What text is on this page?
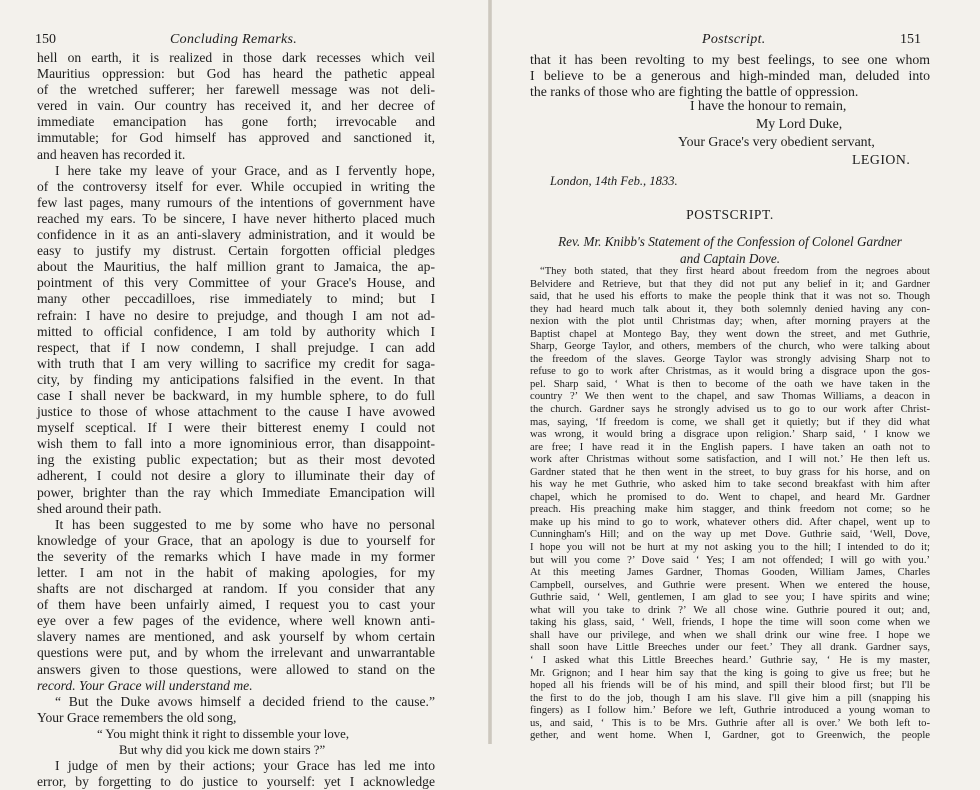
150	Concluding Remarks.
hell on earth, it is realized in those dark recesses which veil
Mauritius oppression: but God has heard the pathetic appeal
of the wretched sufferer; her farewell message was not deli-
vered in vain. Our country has received it, and her decree of
immediate emancipation has gone forth; irrevocable and
immutable; for God himself has approved and sanctioned it,
and heaven has recorded it.
I here take my leave of your Grace, and as I fervently hope,
of the controversy itself for ever. While occupied in writing the
few last pages, many rumours of the intentions of government have
reached my ears. To be sincere, I have never hitherto placed much
confidence in it as an anti-slavery administration, and it would be
easy to justify my distrust. Certain forgotten official pledges
about the Mauritius, the half million grant to Jamaica, the ap-
pointment of this very Committee of your Grace's House, and
many other peccadilloes, rise immediately to mind; but I
refrain: I have no desire to prejudge, and though I am not ad-
mitted to official confidence, I am told by authority which I
respect, that if I now condemn, I shall prejudge. I can add
with truth that I am very willing to sacrifice my credit for saga-
city, by finding my anticipations falsified in the event. In that
case I shall never be backward, in my humble sphere, to do full
justice to those of whose attachment to the cause I have avowed
myself sceptical. If I were their bitterest enemy I could not
wish them to fall into a more ignominious error, than disappoint-
ing the existing public expectation; but as their most devoted
adherent, I could not desire a glory to illuminate their day of
power, brighter than the ray which Immediate Emancipation will
shed around their path.
It has been suggested to me by some who have no personal
knowledge of your Grace, that an apology is due to yourself for
the severity of the remarks which I have made in my former
letter. I am not in the habit of making apologies, for my
shafts are not discharged at random. If you consider that any
of them have been unfairly aimed, I request you to cast your
eye over a few pages of the evidence, where well known anti-
slavery names are mentioned, and ask yourself by whom certain
questions were put, and by whom the irrelevant and unwarrantable
answers given to those questions, were allowed to stand on the
record. Your Grace will understand me.
“ But the Duke avows himself a decided friend to the cause.”
Your Grace remembers the old song,
“ You might think it right to dissemble your love,
But why did you kick me down stairs ?”
I judge of men by their actions; your Grace has led me into
error, by forgetting to do justice to yourself: yet I acknowledge
Postscript.	151
that it has been revolting to my best feelings, to see one whom
I believe to be a generous and high-minded man, deluded into
the ranks of those who are fighting the battle of oppression.
I have the honour to remain,
My Lord Duke,
Your Grace's very obedient servant,
LEGION.
London, 14th Feb., 1833.
POSTSCRIPT.
Rev. Mr. Knibb's Statement of the Confession of Colonel Gardner
and Captain Dove.
“They both stated, that they first heard about freedom from the negroes about
Belvidere and Retrieve, but that they did not put any belief in it; and Gardner
said, that he used his efforts to make the people think that it was not so. Though
they had heard much talk about it, they both solemnly denied having any con-
nexion with the plot until Christmas day; when, after morning prayers at the
Baptist chapel at Montego Bay, they went down the street, and met Guthrie,
Sharp, George Taylor, and others, members of the church, who were talking about
the freedom of the slaves. George Taylor was strongly advising Sharp not to
refuse to go to work after Christmas, as it would bring a disgrace upon the gos-
pel. Sharp said, ‘ What is then to become of the oath we have taken in the
country ?’ We then went to the chapel, and saw Thomas Williams, a deacon in
the church. Gardner says he strongly advised us to go to our work after Christ-
mas, saying, ‘If freedom is come, we shall get it quietly; but if they did what
was wrong, it would bring a disgrace upon religion.’ Sharp said, ‘ I know we
are free; I have read it in the English papers. I have taken an oath not to
work after Christmas without some satisfaction, and I will not.’ He then left us.
Gardner stated that he then went in the street, to buy grass for his horse, and on
his way he met Guthrie, who asked him to take second breakfast with him after
chapel, which he promised to do. Went to chapel, and heard Mr. Gardner
preach. His preaching make him stagger, and think freedom not come; so he
make up his mind to go to work, whatever others did. After chapel, went up to
Cunningham's Hill; and on the way up met Dove. Guthrie said, ‘Well, Dove,
I hope you will not be hurt at my not asking you to the hill; I intended to do it;
but will you come ?’ Dove said ‘ Yes; I am not offended; I will go with you.’
At this meeting James Gardner, Thomas Gooden, William James, Charles
Campbell, ourselves, and Guthrie were present. When we entered the house,
Guthrie said, ‘ Well, gentlemen, I am glad to see you; I have spirits and wine;
what will you take to drink ?’ We all chose wine. Guthrie poured it out; and,
taking his glass, said, ‘ Well, friends, I hope the time will soon come when we
shall have our privilege, and when we shall drink our wine free. I hope we
shall soon have Little Breeches under our feet.’ They all drank. Gardner says,
‘ I asked what this Little Breeches heard.’ Guthrie say, ‘ He is my master,
Mr. Grignon; and I hear him say that the king is going to give us free; but he
hoped all his friends will be of his mind, and spill their blood first; but I'll be
the first to do the job, though I am his slave. I'll give him a pill (snapping his
fingers) as I follow him.’ Before we left, Guthrie introduced a young woman to
us, and said, ‘ This is to be Mrs. Guthrie after all is over.’ We both left to-
gether, and went home. When I, Gardner, got to Greenwich, the people
